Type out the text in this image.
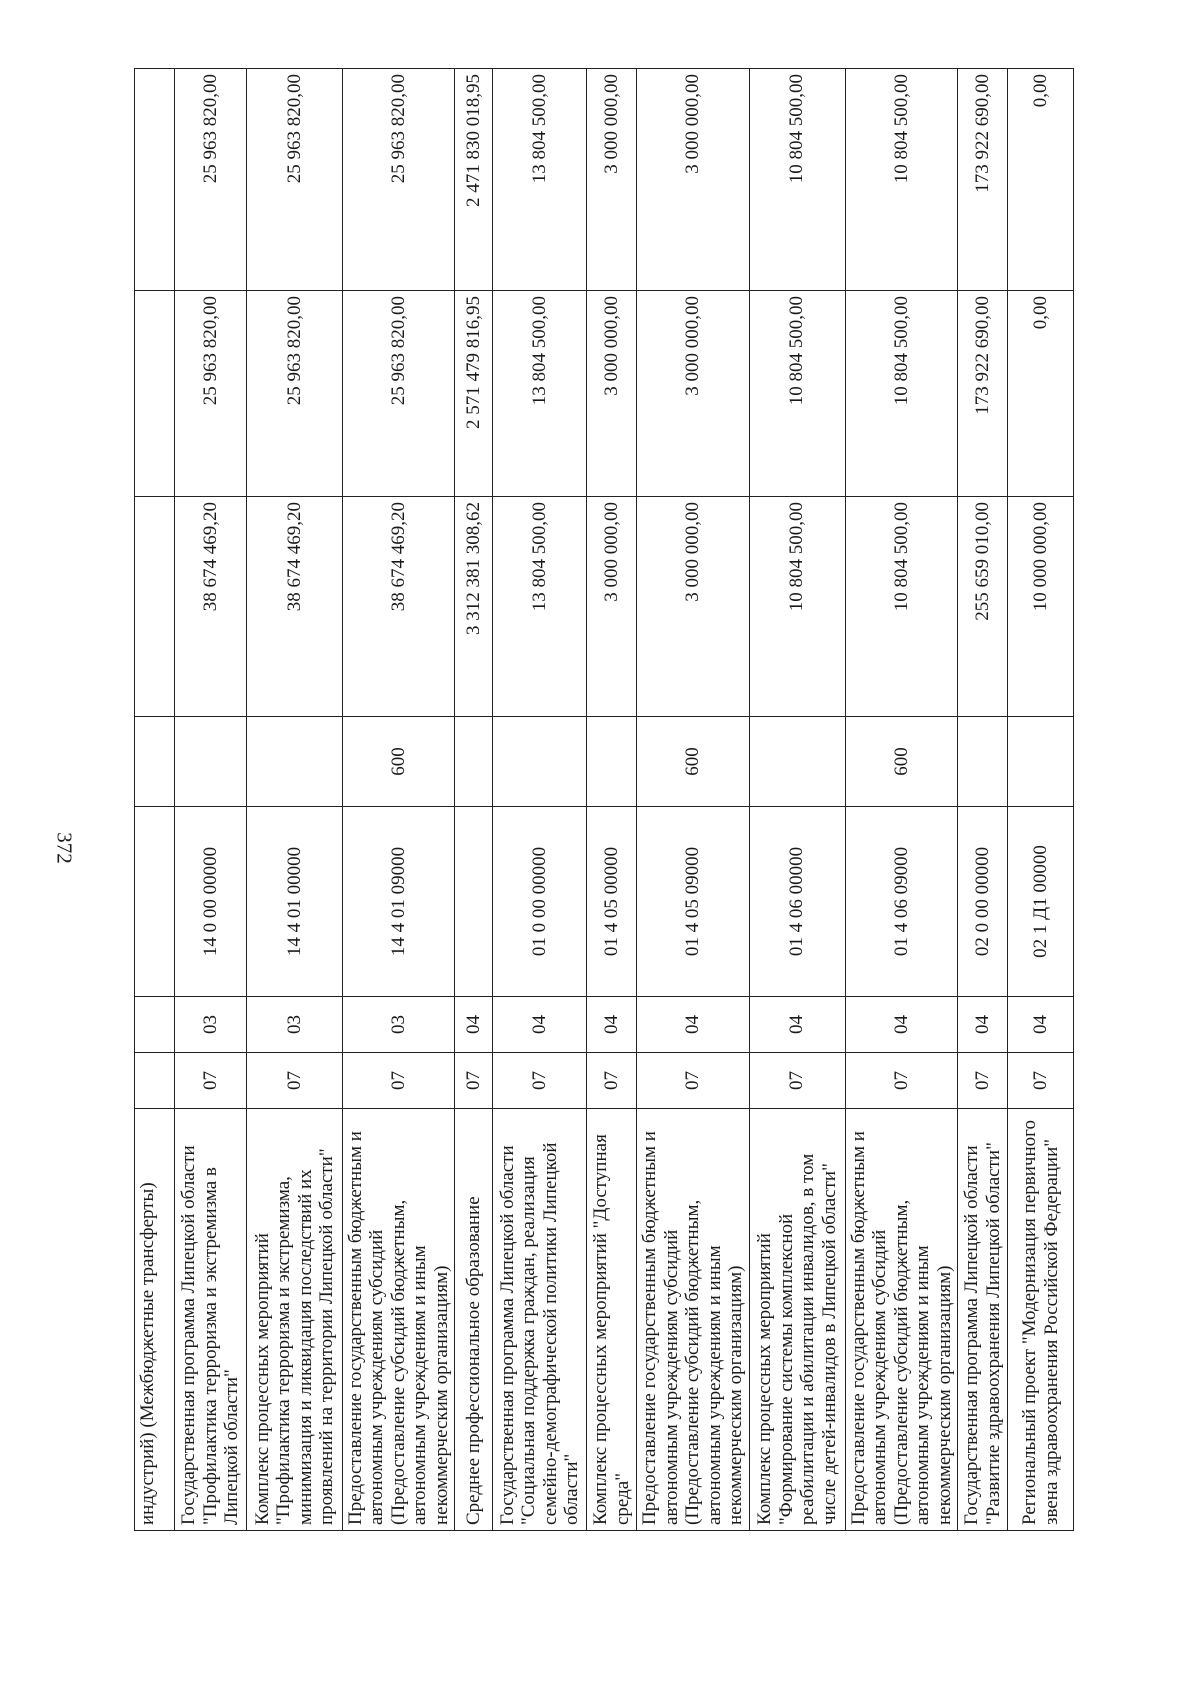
372
индустрий) (Межбюджетные трансферты)							
Государственная программа Липецкой области "Профилактика терроризма и экстремизма в Липецкой области"	07	03	14 0 00 00000		38 674 469,20	25 963 820,00	25 963 820,00
Комплекс процессных мероприятий "Профилактика терроризма и экстремизма, минимизация и ликвидация последствий их проявлений на территории Липецкой области"	07	03	14 4 01 00000		38 674 469,20	25 963 820,00	25 963 820,00
Предоставление государственным бюджетным и автономным учреждениям субсидий (Предоставление субсидий бюджетным, автономным учреждениям и иным некоммерческим организациям)	07	03	14 4 01 09000	600	38 674 469,20	25 963 820,00	25 963 820,00
Среднее профессиональное образование	07	04			3 312 381 308,62	2 571 479 816,95	2 471 830 018,95
Государственная программа Липецкой области "Социальная поддержка граждан, реализация семейно-демографической политики Липецкой области"	07	04	01 0 00 00000		13 804 500,00	13 804 500,00	13 804 500,00
Комплекс процессных мероприятий "Доступная среда"	07	04	01 4 05 00000		3 000 000,00	3 000 000,00	3 000 000,00
Предоставление государственным бюджетным и автономным учреждениям субсидий (Предоставление субсидий бюджетным, автономным учреждениям и иным некоммерческим организациям)	07	04	01 4 05 09000	600	3 000 000,00	3 000 000,00	3 000 000,00
Комплекс процессных мероприятий "Формирование системы комплексной реабилитации и абилитации инвалидов, в том числе детей-инвалидов в Липецкой области"	07	04	01 4 06 00000		10 804 500,00	10 804 500,00	10 804 500,00
Предоставление государственным бюджетным и автономным учреждениям субсидий (Предоставление субсидий бюджетным, автономным учреждениям и иным некоммерческим организациям)	07	04	01 4 06 09000	600	10 804 500,00	10 804 500,00	10 804 500,00
Государственная программа Липецкой области "Развитие здравоохранения Липецкой области"	07	04	02 0 00 00000		255 659 010,00	173 922 690,00	173 922 690,00
Региональный проект "Модернизация первичного звена здравоохранения Российской Федерации"	07	04	02 1 Д1 00000		10 000 000,00	0,00	0,00
